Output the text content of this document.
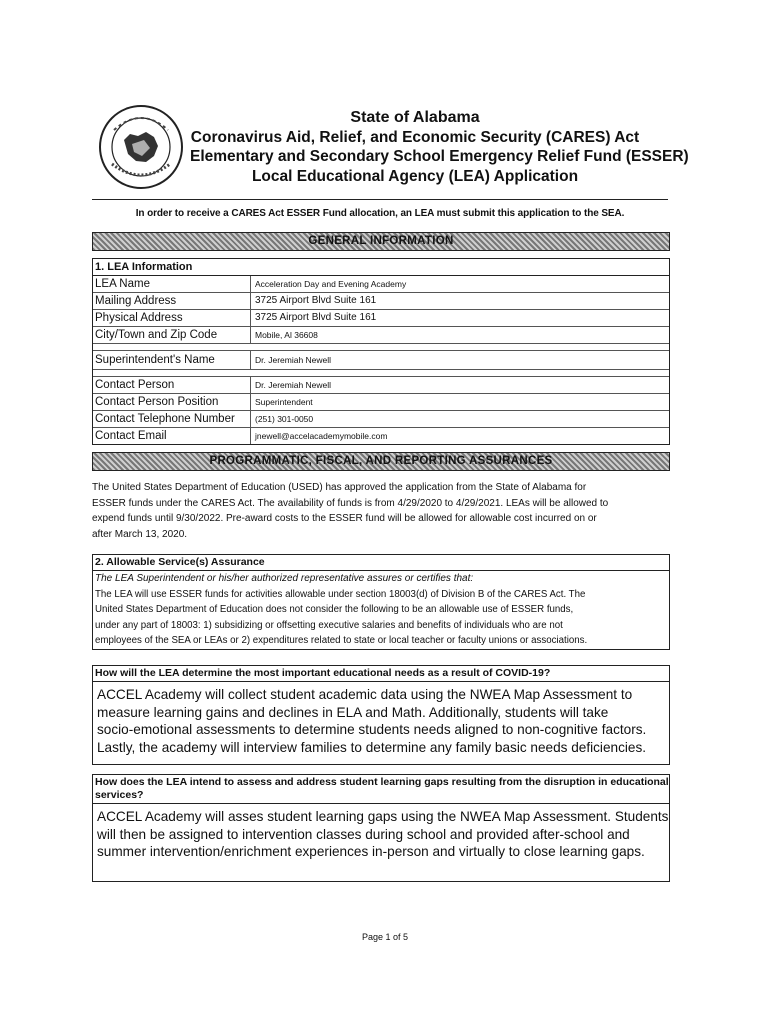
State of Alabama
Coronavirus Aid, Relief, and Economic Security (CARES) Act
Elementary and Secondary School Emergency Relief Fund (ESSER)
Local Educational Agency (LEA) Application
In order to receive a CARES Act ESSER Fund allocation, an LEA must submit this application to the SEA.
GENERAL INFORMATION
1. LEA Information
LEA Name	Acceleration Day and Evening Academy
Mailing Address	3725 Airport Blvd Suite 161
Physical Address	3725 Airport Blvd Suite 161
City/Town and Zip Code	Mobile, Al 36608
Superintendent's Name	Dr. Jeremiah Newell
Contact Person	Dr. Jeremiah Newell
Contact Person Position	Superintendent
Contact Telephone Number (251) 301-0050
Contact Email	jnewell@accelacademymobile.com
PROGRAMMATIC, FISCAL, AND REPORTING ASSURANCES
The United States Department of Education (USED) has approved the application from the State of Alabama for
ESSER funds under the CARES Act. The availability of funds is from 4/29/2020 to 4/29/2021. LEAs will be allowed to
expend funds until 9/30/2022. Pre-award costs to the ESSER fund will be allowed for allowable cost incurred on or
after March 13, 2020.
2. Allowable Service(s) Assurance
The LEA Superintendent or his/her authorized representative assures or certifies that:
The LEA will use ESSER funds for activities allowable under section 18003(d) of Division B of the CARES Act. The
United States Department of Education does not consider the following to be an allowable use of ESSER funds,
under any part of 18003: 1) subsidizing or offsetting executive salaries and benefits of individuals who are not
employees of the SEA or LEAs or 2) expenditures related to state or local teacher or faculty unions or associations.
How will the LEA determine the most important educational needs as a result of COVID-19?
ACCEL Academy will collect student academic data using the NWEA Map Assessment to
measure learning gains and declines in ELA and Math. Additionally, students will take
socio-emotional assessments to determine students needs aligned to non-cognitive factors.
Lastly, the academy will interview families to determine any family basic needs deficiencies.
How does the LEA intend to assess and address student learning gaps resulting from the disruption in educational
services?
ACCEL Academy will asses student learning gaps using the NWEA Map Assessment. Students
will then be assigned to intervention classes during school and provided after-school and
summer intervention/enrichment experiences in-person and virtually to close learning gaps.
Page 1 of 5
